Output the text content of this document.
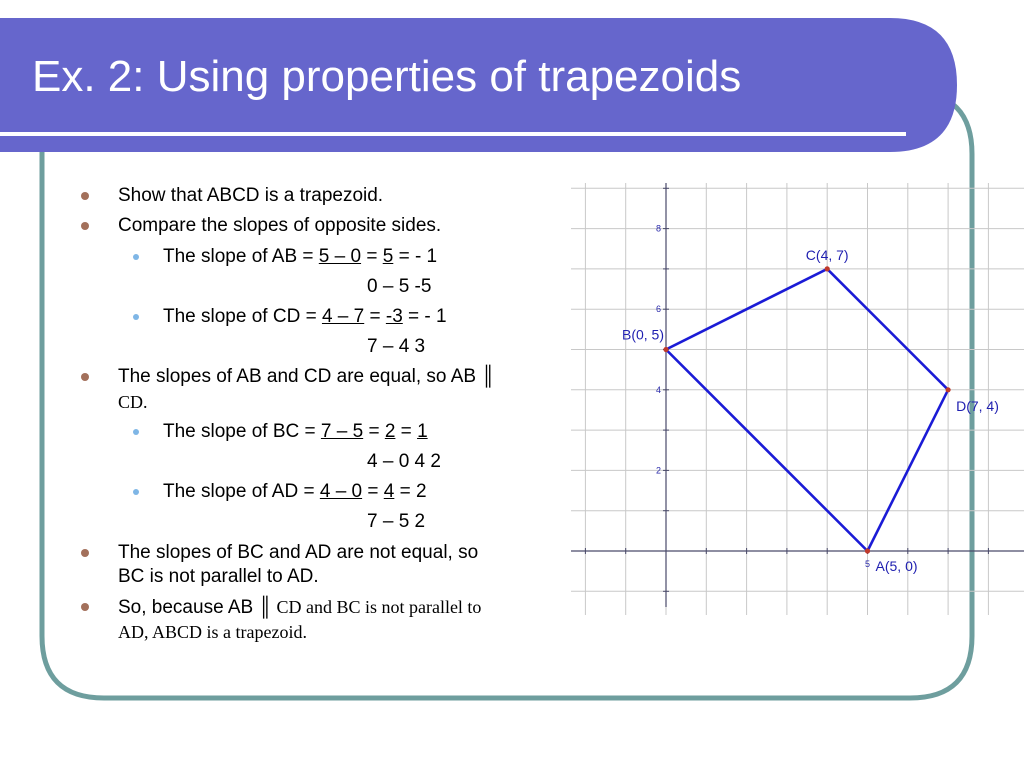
Ex. 2: Using properties of trapezoids
Show that ABCD is a trapezoid.
Compare the slopes of opposite sides.
The slope of AB = 5 – 0 = 5 = - 1
0 – 5 -5
The slope of CD = 4 – 7 = -3 = - 1
7 – 4 3
The slopes of AB and CD are equal, so AB ║
CD.
The slope of BC = 7 – 5 = 2 = 1
4 – 0 4 2
The slope of AD = 4 – 0 = 4 = 2
7 – 5 2
The slopes of BC and AD are not equal, so
BC is not parallel to AD.
So, because AB ║ CD and BC is not parallel to
AD, ABCD is a trapezoid.
2
4
6
8
5 A(5, 0)
B(0, 5)
C(4, 7)
D(7, 4)
